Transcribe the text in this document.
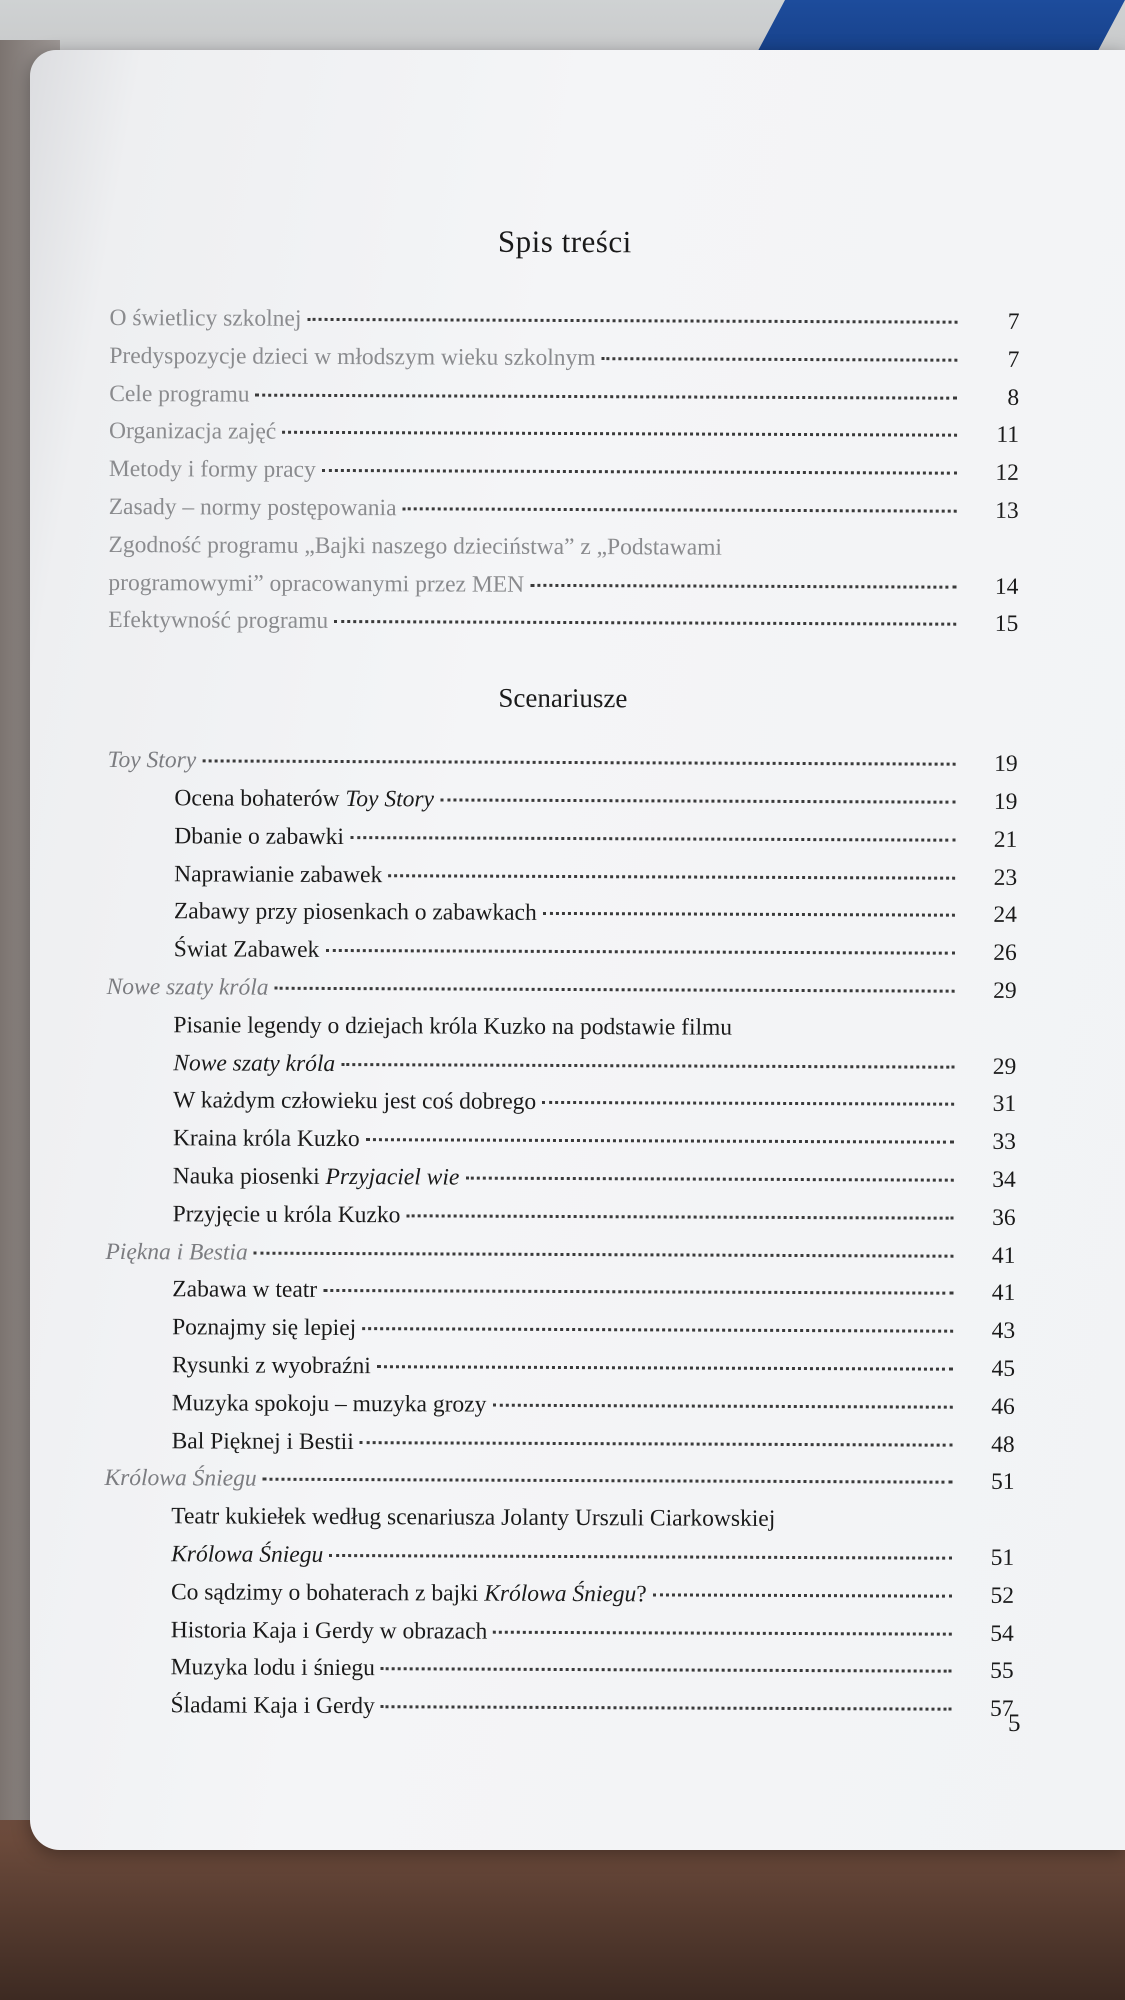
Spis treści
O świetlicy szkolnej	7
Predyspozycje dzieci w młodszym wieku szkolnym	7
Cele programu	8
Organizacja zajęć	11
Metody i formy pracy	12
Zasady – normy postępowania	13
Zgodność programu „Bajki naszego dzieciństwa” z „Podstawami
programowymi” opracowanymi przez MEN	14
Efektywność programu	15
Scenariusze
Toy Story	19
Ocena bohaterów Toy Story	19
Dbanie o zabawki	21
Naprawianie zabawek	23
Zabawy przy piosenkach o zabawkach	24
Świat Zabawek	26
Nowe szaty króla	29
Pisanie legendy o dziejach króla Kuzko na podstawie filmu
Nowe szaty króla	29
W każdym człowieku jest coś dobrego	31
Kraina króla Kuzko	33
Nauka piosenki Przyjaciel wie	34
Przyjęcie u króla Kuzko	36
Piękna i Bestia	41
Zabawa w teatr	41
Poznajmy się lepiej	43
Rysunki z wyobraźni	45
Muzyka spokoju – muzyka grozy	46
Bal Pięknej i Bestii	48
Królowa Śniegu	51
Teatr kukiełek według scenariusza Jolanty Urszuli Ciarkowskiej
Królowa Śniegu	51
Co sądzimy o bohaterach z bajki Królowa Śniegu?	52
Historia Kaja i Gerdy w obrazach	54
Muzyka lodu i śniegu	55
Śladami Kaja i Gerdy	57
5
